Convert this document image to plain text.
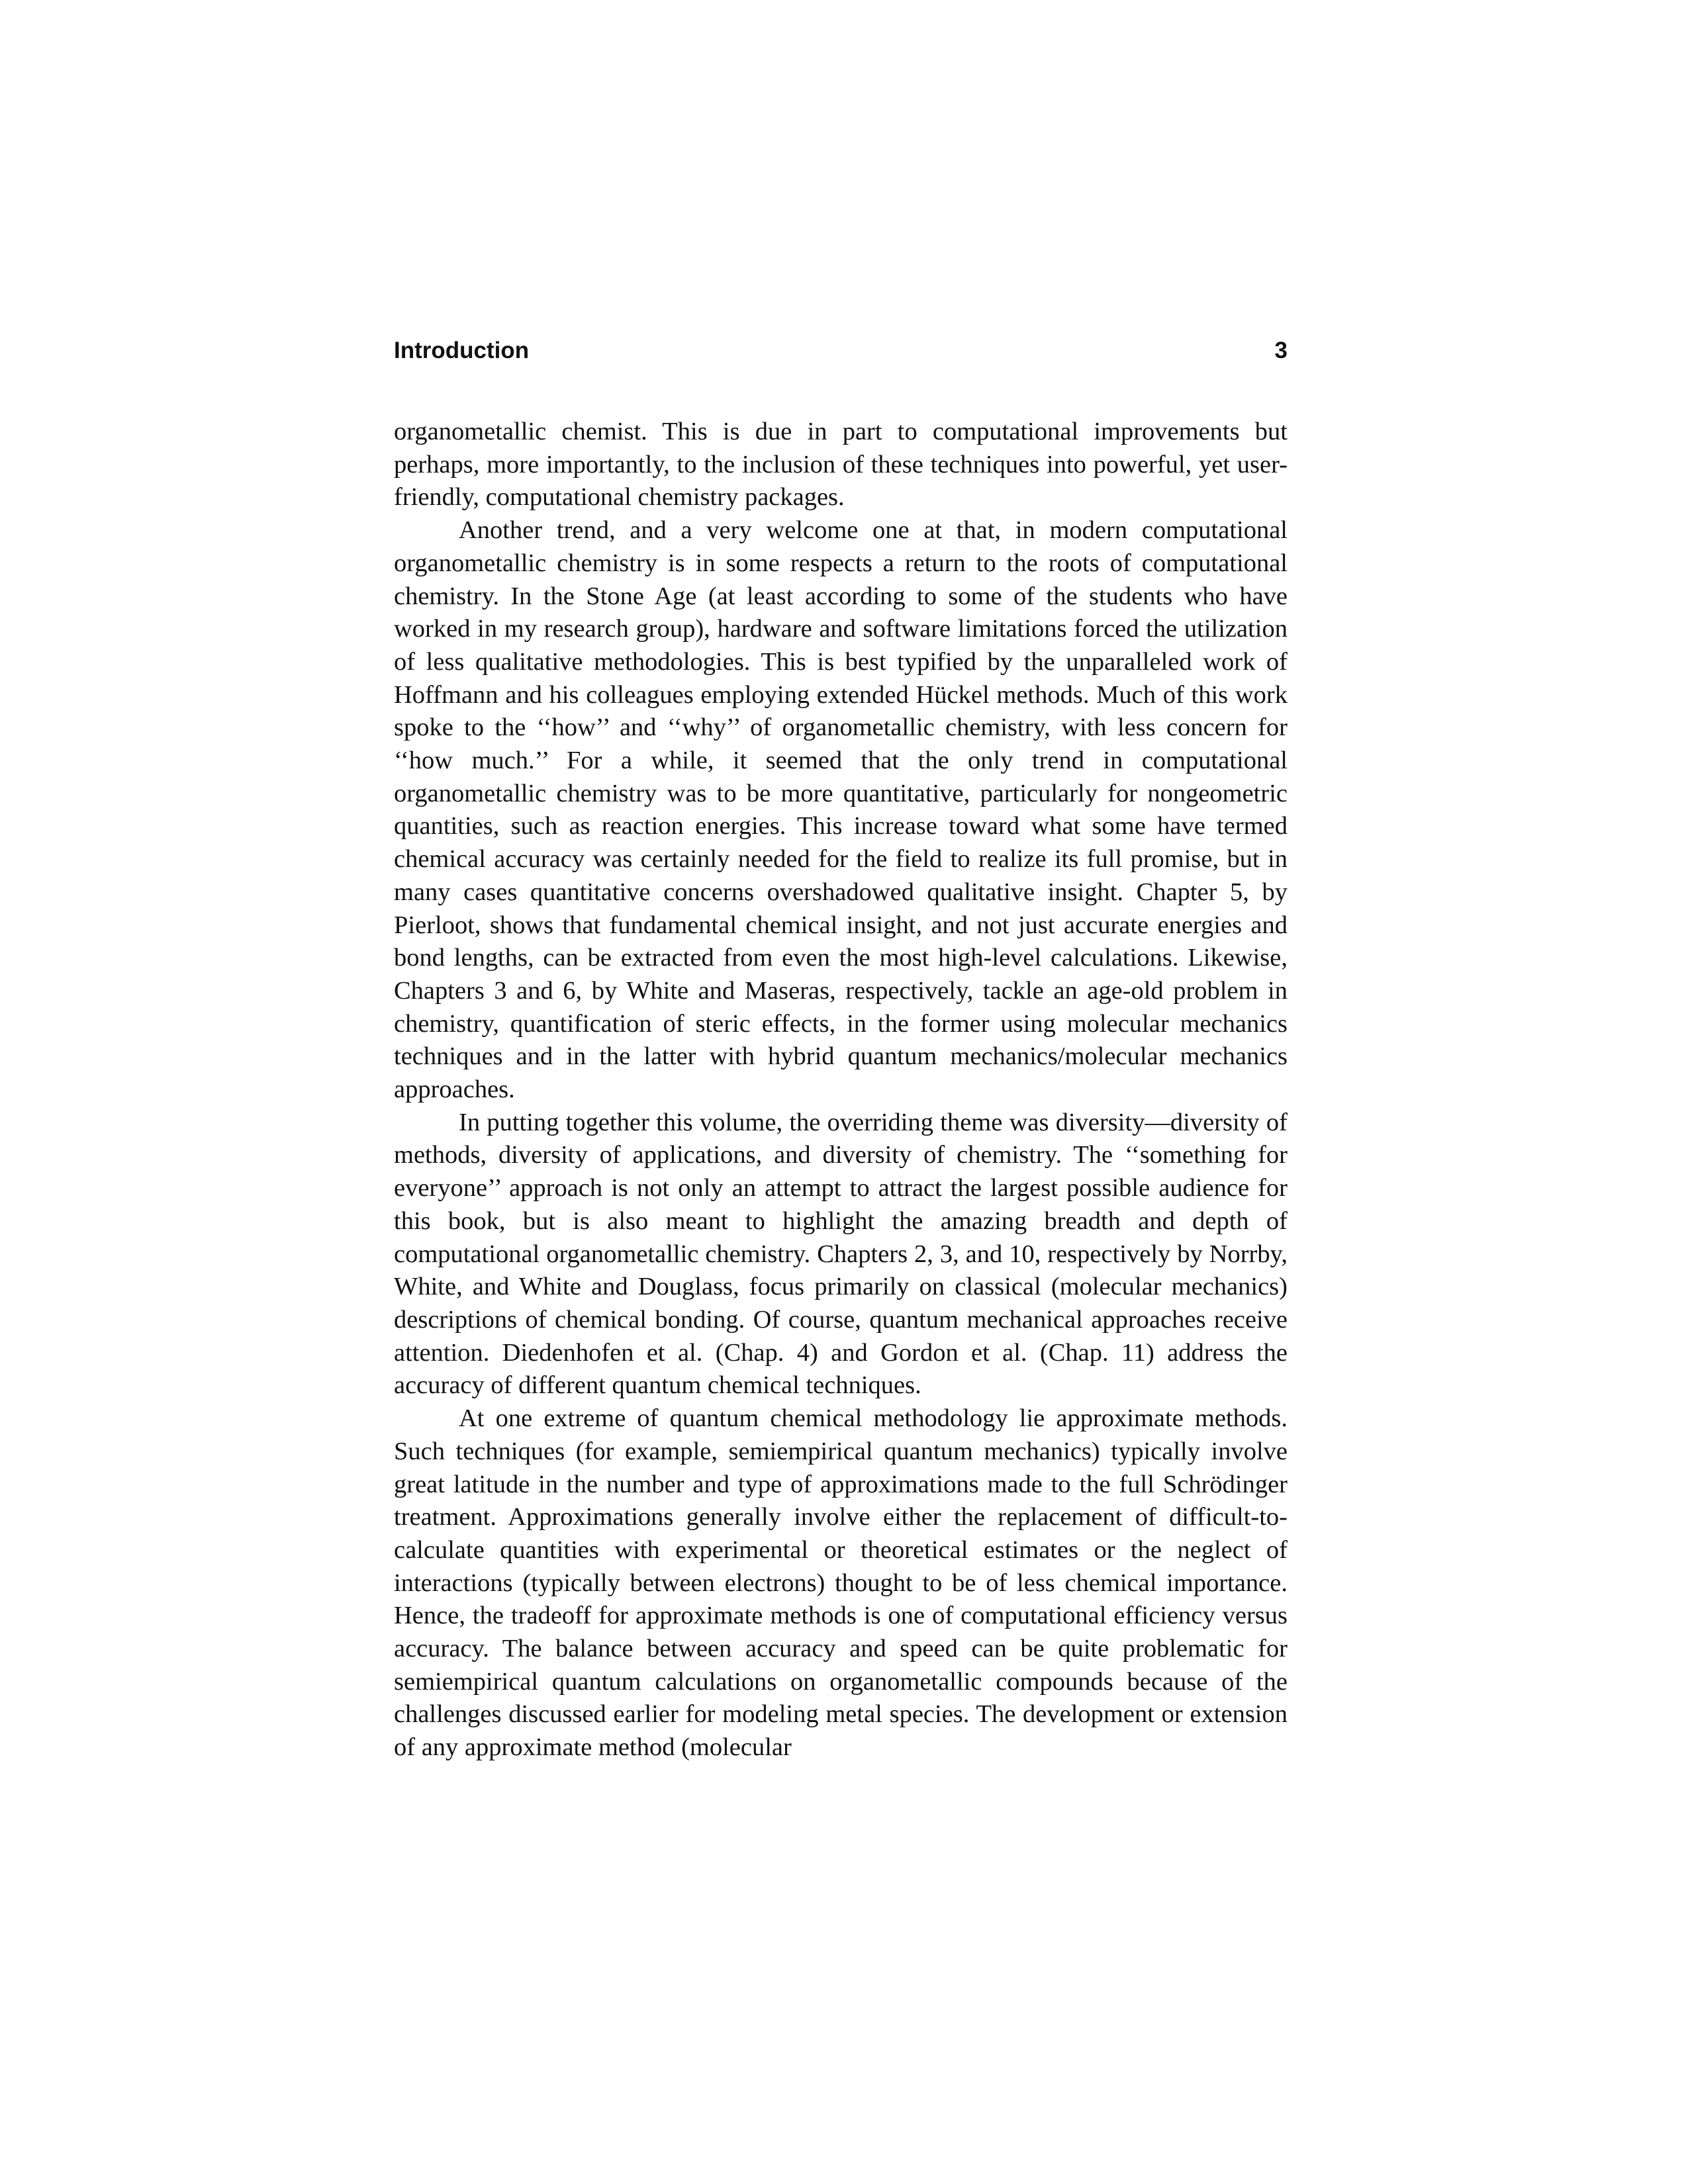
Introduction	3

organometallic chemist. This is due in part to computational improvements but perhaps, more importantly, to the inclusion of these techniques into powerful, yet user-friendly, computational chemistry packages.

Another trend, and a very welcome one at that, in modern computational organometallic chemistry is in some respects a return to the roots of computational chemistry. In the Stone Age (at least according to some of the students who have worked in my research group), hardware and software limitations forced the utilization of less qualitative methodologies. This is best typified by the unparalleled work of Hoffmann and his colleagues employing extended Hückel methods. Much of this work spoke to the ‘‘how’’ and ‘‘why’’ of organometallic chemistry, with less concern for ‘‘how much.’’ For a while, it seemed that the only trend in computational organometallic chemistry was to be more quantitative, particularly for nongeometric quantities, such as reaction energies. This increase toward what some have termed chemical accuracy was certainly needed for the field to realize its full promise, but in many cases quantitative concerns overshadowed qualitative insight. Chapter 5, by Pierloot, shows that fundamental chemical insight, and not just accurate energies and bond lengths, can be extracted from even the most high-level calculations. Likewise, Chapters 3 and 6, by White and Maseras, respectively, tackle an age-old problem in chemistry, quantification of steric effects, in the former using molecular mechanics techniques and in the latter with hybrid quantum mechanics/molecular mechanics approaches.

In putting together this volume, the overriding theme was diversity—diversity of methods, diversity of applications, and diversity of chemistry. The ‘‘something for everyone’’ approach is not only an attempt to attract the largest possible audience for this book, but is also meant to highlight the amazing breadth and depth of computational organometallic chemistry. Chapters 2, 3, and 10, respectively by Norrby, White, and White and Douglass, focus primarily on classical (molecular mechanics) descriptions of chemical bonding. Of course, quantum mechanical approaches receive attention. Diedenhofen et al. (Chap. 4) and Gordon et al. (Chap. 11) address the accuracy of different quantum chemical techniques.

At one extreme of quantum chemical methodology lie approximate methods. Such techniques (for example, semiempirical quantum mechanics) typically involve great latitude in the number and type of approximations made to the full Schrödinger treatment. Approximations generally involve either the replacement of difficult-to-calculate quantities with experimental or theoretical estimates or the neglect of interactions (typically between electrons) thought to be of less chemical importance. Hence, the tradeoff for approximate methods is one of computational efficiency versus accuracy. The balance between accuracy and speed can be quite problematic for semiempirical quantum calculations on organometallic compounds because of the challenges discussed earlier for modeling metal species. The development or extension of any approximate method (molecular
